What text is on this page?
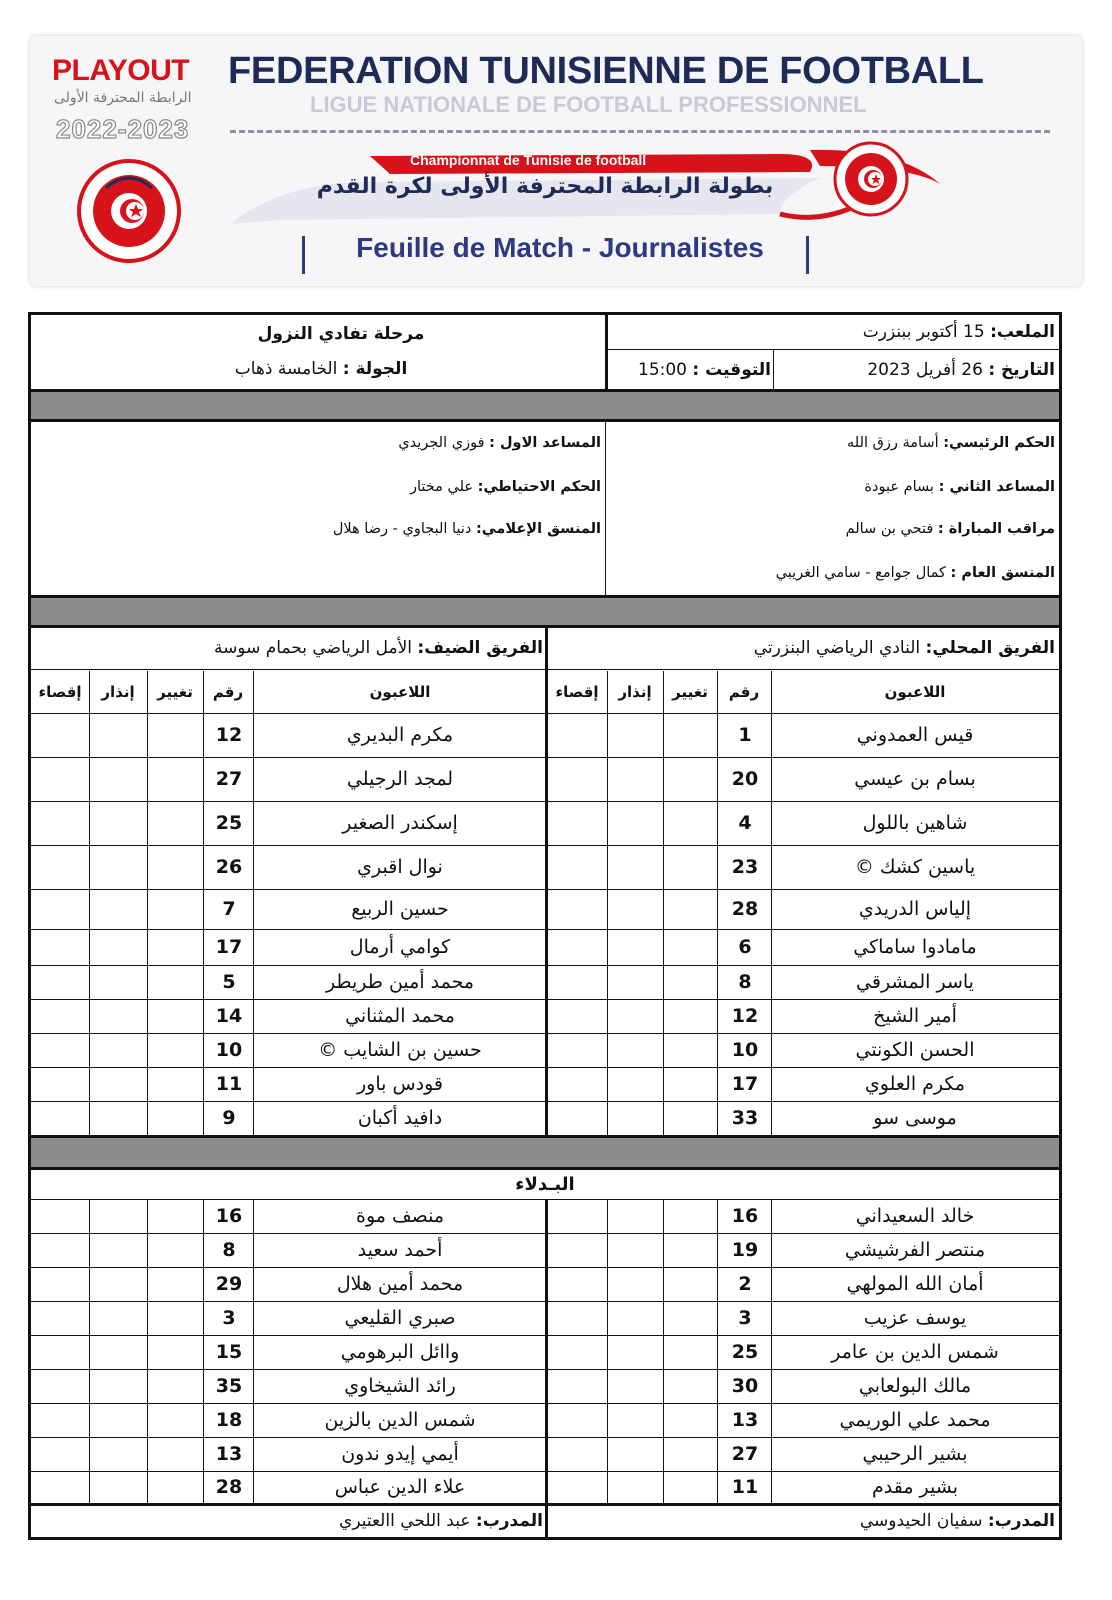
PLAYOUT
الرابطة المحترفة الأولى
2022-2023
FEDERATION TUNISIENNE DE FOOTBALL
LIGUE NATIONALE DE FOOTBALL PROFESSIONNEL
Championnat de Tunisie de football
بطولة الرابطة المحترفة الأولى لكرة القدم
Feuille de Match - Journalistes
الملعب:

15 أكتوبر ببنزرت
التاريخ :

26 أفريل 2023
التوقيت :

15:00
مرحلة تفادي النزول
الجولة :

الخامسة ذهاب
الحكم الرئيسي:

أسامة رزق الله
المساعد الثاني :

بسام عبودة
مراقب المباراة :

فتحي بن سالم
المنسق العام :

كمال جوامع - سامي الغريبي
المساعد الاول :

فوزي الجريدي
الحكم الاحتياطي:

علي مختار
المنسق الإعلامي:

دنيا البجاوي - رضا هلال
الفريق المحلي:

النادي الرياضي البنزرتي
الفريق الضيف:

الأمل الرياضي بحمام سوسة
اللاعبون
رقم
تغيير
إنذار
إقصاء
اللاعبون
رقم
تغيير
إنذار
إقصاء
قيس العمدوني
1
بسام بن عيسي
20
شاهين باللول
4
ياسين كشك ©
23
إلياس الدريدي
28
مامادوا ساماكي
6
ياسر المشرقي
8
أمير الشيخ
12
الحسن الكونتي
10
مكرم العلوي
17
موسى سو
33
مكرم البديري
12
لمجد الرجيلي
27
إسكندر الصغير
25
نوال اقبري
26
حسين الربيع
7
كوامي أرمال
17
محمد أمين طريطر
5
محمد المثناني
14
حسين بن الشايب ©
10
قودس باور
11
دافيد أكبان
9
خالد السعيداني
16
منتصر الفرشيشي
19
أمان الله المولهي
2
يوسف عزيب
3
شمس الدين بن عامر
25
مالك البولعابي
30
محمد علي الوريمي
13
بشير الرحيبي
27
بشير مقدم
11
منصف موة
16
أحمد سعيد
8
محمد أمين هلال
29
صبري القليعي
3
واائل البرهومي
15
رائد الشيخاوي
35
شمس الدين بالزين
18
أيمي إيدو ندون
13
علاء الدين عباس
28
البـدلاء
المدرب:

سفيان الحيدوسي
المدرب:

عبد اللحي االعتيري
